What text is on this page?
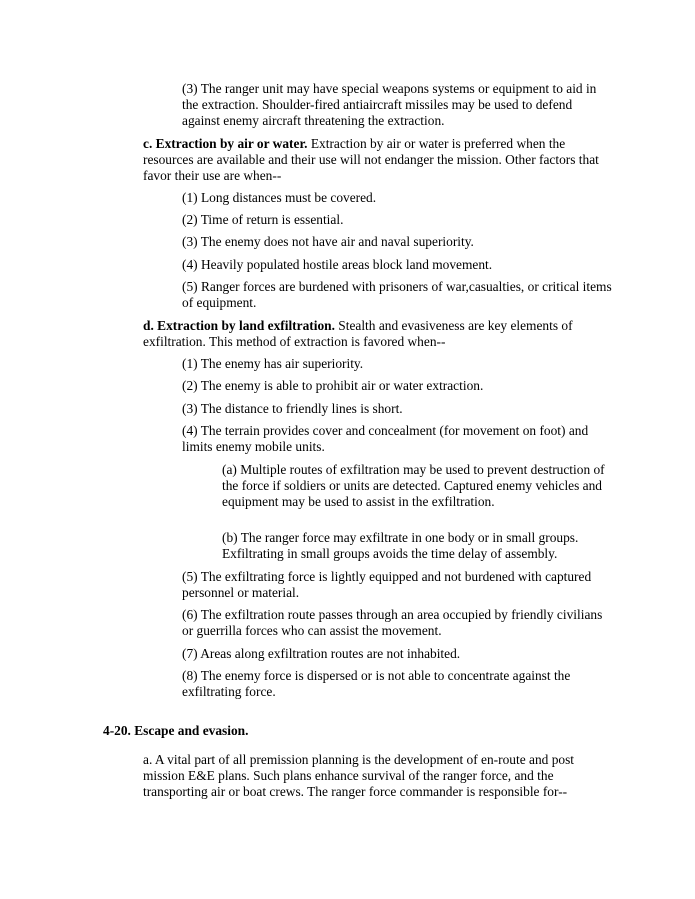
(3) The ranger unit may have special weapons systems or equipment to aid in the extraction. Shoulder-fired antiaircraft missiles may be used to defend against enemy aircraft threatening the extraction.

c. Extraction by air or water. Extraction by air or water is preferred when the resources are available and their use will not endanger the mission. Other factors that favor their use are when--

(1) Long distances must be covered.

(2) Time of return is essential.

(3) The enemy does not have air and naval superiority.

(4) Heavily populated hostile areas block land movement.

(5) Ranger forces are burdened with prisoners of war,casualties, or critical items of equipment.

d. Extraction by land exfiltration. Stealth and evasiveness are key elements of exfiltration. This method of extraction is favored when--

(1) The enemy has air superiority.

(2) The enemy is able to prohibit air or water extraction.

(3) The distance to friendly lines is short.

(4) The terrain provides cover and concealment (for movement on foot) and limits enemy mobile units.

(a) Multiple routes of exfiltration may be used to prevent destruction of the force if soldiers or units are detected. Captured enemy vehicles and equipment may be used to assist in the exfiltration.

(b) The ranger force may exfiltrate in one body or in small groups. Exfiltrating in small groups avoids the time delay of assembly.

(5) The exfiltrating force is lightly equipped and not burdened with captured personnel or material.

(6) The exfiltration route passes through an area occupied by friendly civilians or guerrilla forces who can assist the movement.

(7) Areas along exfiltration routes are not inhabited.

(8) The enemy force is dispersed or is not able to concentrate against the exfiltrating force.

4-20. Escape and evasion.

a. A vital part of all premission planning is the development of en-route and post mission E&E plans. Such plans enhance survival of the ranger force, and the transporting air or boat crews. The ranger force commander is responsible for--
